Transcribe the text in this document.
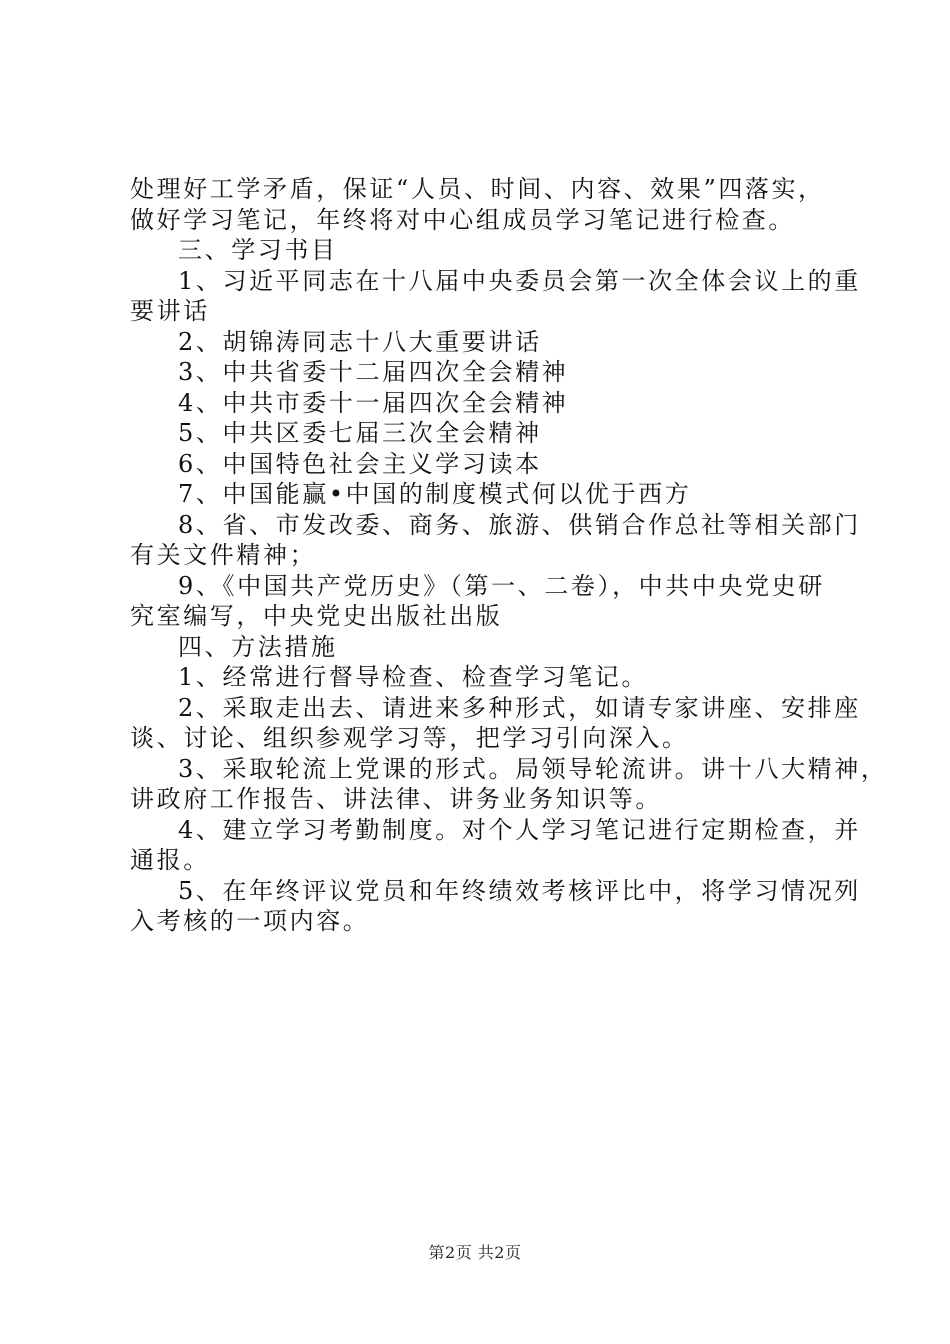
处理好工学矛盾，保证“人员、时间、内容、效果”四落实，
做好学习笔记，年终将对中心组成员学习笔记进行检查。

三、学习书目

1、习近平同志在十八届中央委员会第一次全体会议上的重
要讲话

2、胡锦涛同志十八大重要讲话

3、中共省委十二届四次全会精神

4、中共市委十一届四次全会精神

5、中共区委七届三次全会精神

6、中国特色社会主义学习读本

7、中国能赢•中国的制度模式何以优于西方

8、省、市发改委、商务、旅游、供销合作总社等相关部门
有关文件精神；

9、《中国共产党历史》（第一、二卷），中共中央党史研
究室编写，中央党史出版社出版

四、方法措施

1、经常进行督导检查、检查学习笔记。

2、采取走出去、请进来多种形式，如请专家讲座、安排座
谈、讨论、组织参观学习等，把学习引向深入。

3、采取轮流上党课的形式。局领导轮流讲。讲十八大精神，
讲政府工作报告、讲法律、讲务业务知识等。

4、建立学习考勤制度。对个人学习笔记进行定期检查，并
通报。

5、在年终评议党员和年终绩效考核评比中，将学习情况列
入考核的一项内容。

第2页 共2页
